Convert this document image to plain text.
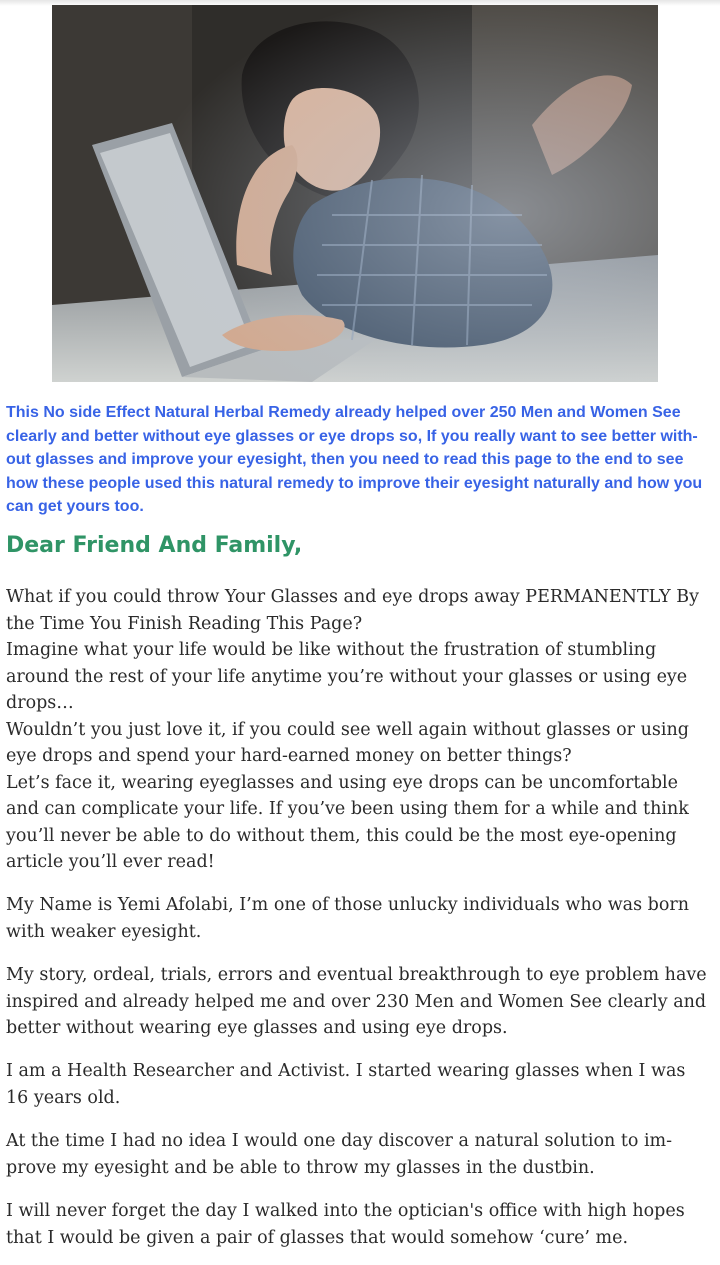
This No side Effect Natural Herbal Remedy already helped over 250 Men and Women See clearly and better without eye glasses or eye drops so, If you really want to see better with-out glasses and improve your eyesight, then you need to read this page to the end to see how these people used this natural remedy to improve their eyesight naturally and how you can get yours too.

Dear Friend And Family,
What if you could throw Your Glasses and eye drops away PERMANENTLY By the Time You Finish Reading This Page?
Imagine what your life would be like without the frustration of stumbling around the rest of your life anytime you’re without your glasses or using eye drops…
Wouldn’t you just love it, if you could see well again without glasses or using eye drops and spend your hard-earned money on better things?
Let’s face it, wearing eyeglasses and using eye drops can be uncomfortable and can complicate your life. If you’ve been using them for a while and think you’ll never be able to do without them, this could be the most eye-opening article you’ll ever read!

My Name is Yemi Afolabi, I’m one of those unlucky individuals who was born with weaker eyesight.

My story, ordeal, trials, errors and eventual breakthrough to eye problem have inspired and already helped me and over 230 Men and Women See clearly and better without wearing eye glasses and using eye drops.

I am a Health Researcher and Activist. I started wearing glasses when I was 16 years old.

At the time I had no idea I would one day discover a natural solution to im-prove my eyesight and be able to throw my glasses in the dustbin.

I will never forget the day I walked into the optician's office with high hopes that I would be given a pair of glasses that would somehow ‘cure’ me.
